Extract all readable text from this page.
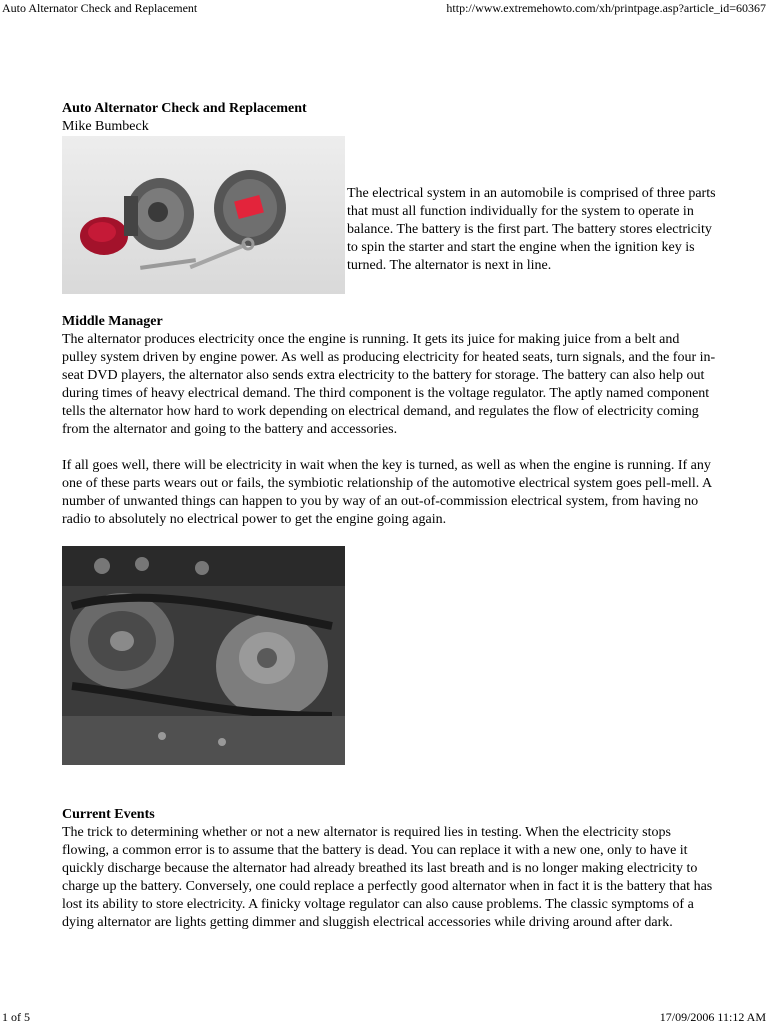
Auto Alternator Check and Replacement	http://www.extremehowto.com/xh/printpage.asp?article_id=60367
Auto Alternator Check and Replacement
Mike Bumbeck

The electrical system in an automobile is comprised of three parts that must all function individually for the system to operate in balance. The battery is the first part. The battery stores electricity to spin the starter and start the engine when the ignition key is turned. The alternator is next in line.

Middle Manager

The alternator produces electricity once the engine is running. It gets its juice for making juice from a belt and pulley system driven by engine power. As well as producing electricity for heated seats, turn signals, and the four in-seat DVD players, the alternator also sends extra electricity to the battery for storage. The battery can also help out during times of heavy electrical demand. The third component is the voltage regulator. The aptly named component tells the alternator how hard to work depending on electrical demand, and regulates the flow of electricity coming from the alternator and going to the battery and accessories.

If all goes well, there will be electricity in wait when the key is turned, as well as when the engine is running. If any one of these parts wears out or fails, the symbiotic relationship of the automotive electrical system goes pell-mell. A number of unwanted things can happen to you by way of an out-of-commission electrical system, from having no radio to absolutely no electrical power to get the engine going again.

Current Events

The trick to determining whether or not a new alternator is required lies in testing. When the electricity stops flowing, a common error is to assume that the battery is dead. You can replace it with a new one, only to have it quickly discharge because the alternator had already breathed its last breath and is no longer making electricity to charge up the battery. Conversely, one could replace a perfectly good alternator when in fact it is the battery that has lost its ability to store electricity. A finicky voltage regulator can also cause problems. The classic symptoms of a dying alternator are lights getting dimmer and sluggish electrical accessories while driving around after dark.

1 of 5	17/09/2006 11:12 AM
